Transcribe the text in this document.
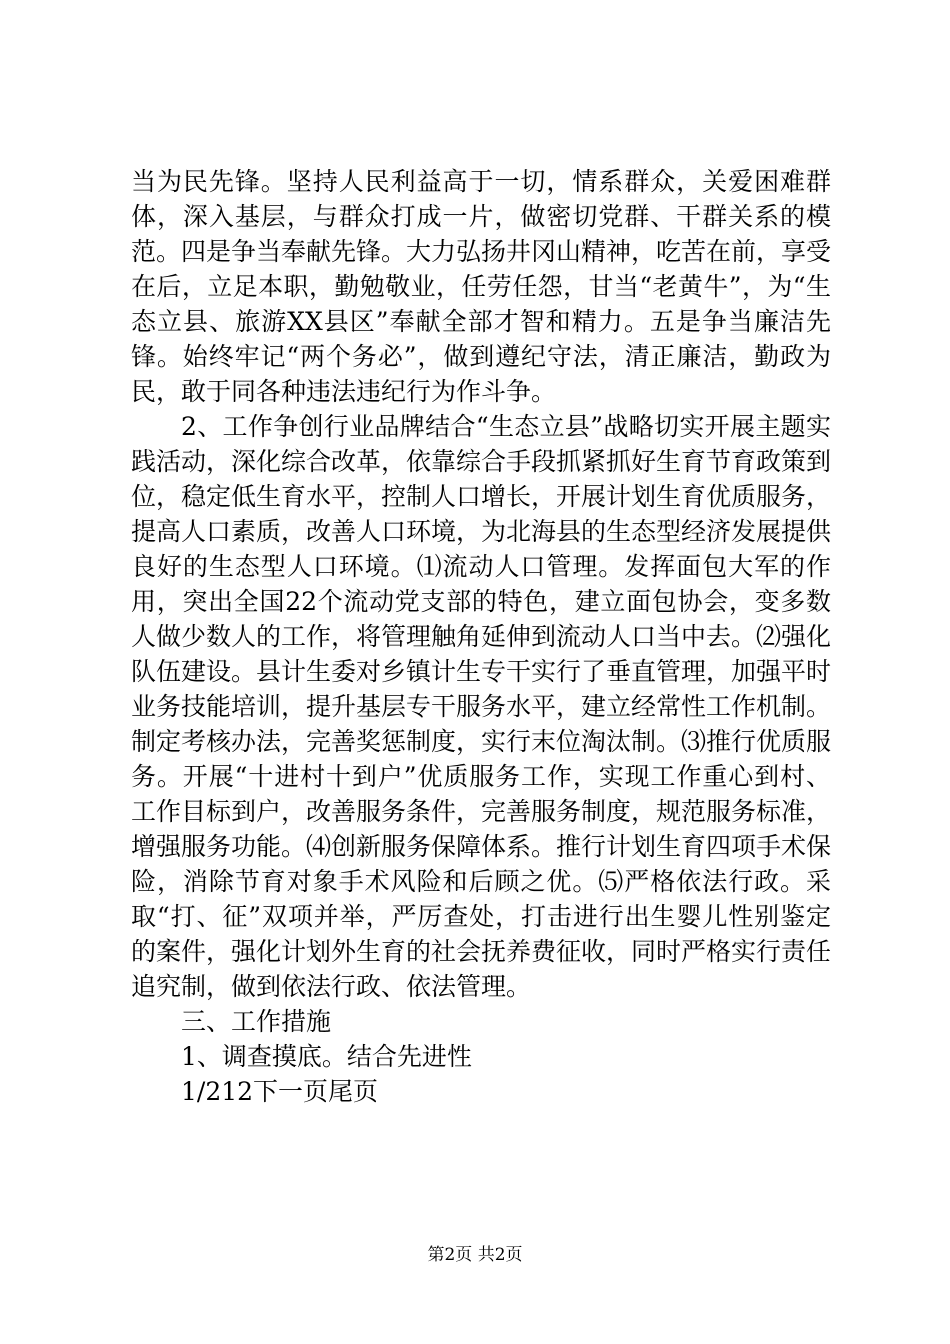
当为民先锋。坚持人民利益高于一切，情系群众，关爱困难群体，深入基层，与群众打成一片，做密切党群、干群关系的模范。四是争当奉献先锋。大力弘扬井冈山精神，吃苦在前，享受在后，立足本职，勤勉敬业，任劳任怨，甘当“老黄牛”，为“生态立县、旅游XX县区”奉献全部才智和精力。五是争当廉洁先锋。始终牢记“两个务必”，做到遵纪守法，清正廉洁，勤政为民，敢于同各种违法违纪行为作斗争。

2、工作争创行业品牌结合“生态立县”战略切实开展主题实践活动，深化综合改革，依靠综合手段抓紧抓好生育节育政策到位，稳定低生育水平，控制人口增长，开展计划生育优质服务，提高人口素质，改善人口环境，为北海县的生态型经济发展提供良好的生态型人口环境。⑴流动人口管理。发挥面包大军的作用，突出全国22个流动党支部的特色，建立面包协会，变多数人做少数人的工作，将管理触角延伸到流动人口当中去。⑵强化队伍建设。县计生委对乡镇计生专干实行了垂直管理，加强平时业务技能培训，提升基层专干服务水平，建立经常性工作机制。制定考核办法，完善奖惩制度，实行末位淘汰制。⑶推行优质服务。开展“十进村十到户”优质服务工作，实现工作重心到村、工作目标到户，改善服务条件，完善服务制度，规范服务标准，增强服务功能。⑷创新服务保障体系。推行计划生育四项手术保险，消除节育对象手术风险和后顾之优。⑸严格依法行政。采取“打、征”双项并举，严厉查处，打击进行出生婴儿性别鉴定的案件，强化计划外生育的社会抚养费征收，同时严格实行责任追究制，做到依法行政、依法管理。

三、工作措施

1、调查摸底。结合先进性

1/212下一页尾页

第2页 共2页
